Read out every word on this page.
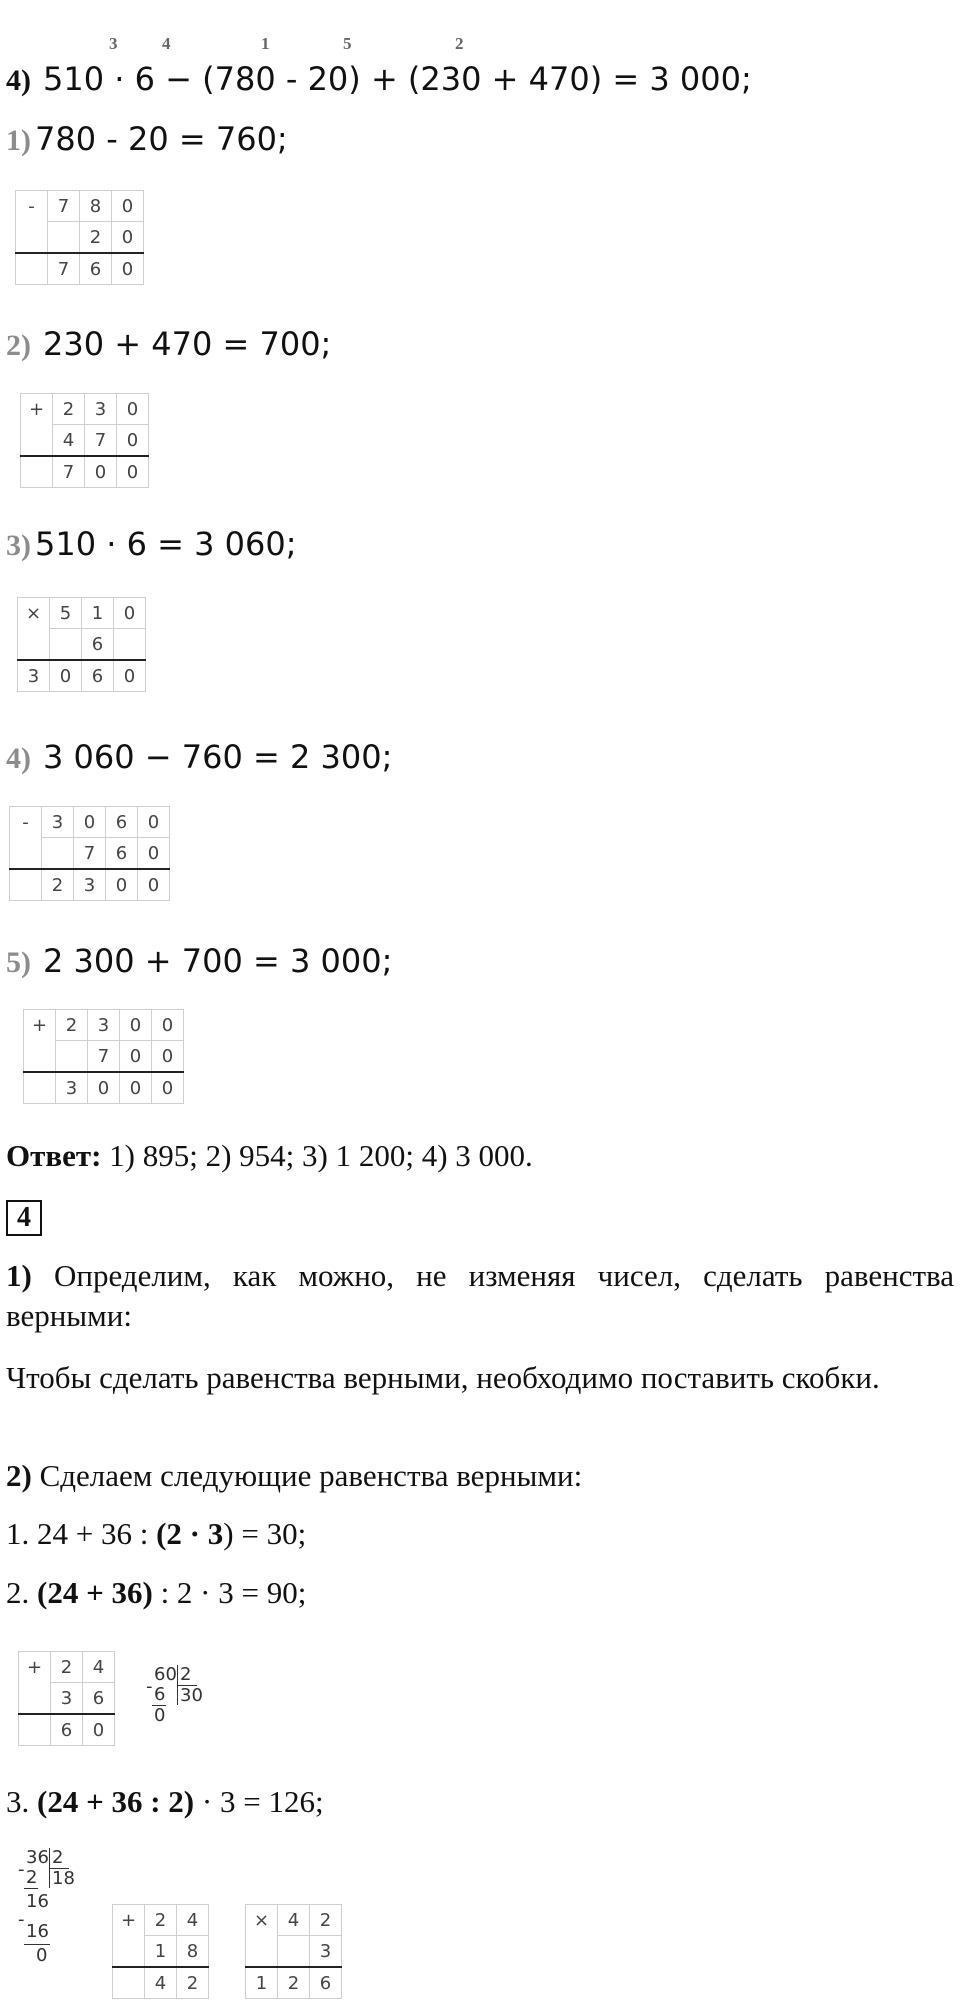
3	4	1	5	2
4) 510 · 6 − (780 - 20) + (230 + 470) = 3 000;
1) 780 - 20 = 760;
-	7	8	0
		2	0
	7	6	0
2) 230 + 470 = 700;
+	2	3	0
	4	7	0
	7	0	0
3) 510 · 6 = 3 060;
×	5	1	0
		6	
3	0	6	0
4) 3 060 − 760 = 2 300;
-	3	0	6	0
		7	6	0
	2	3	0	0
5) 2 300 + 700 = 3 000;
+	2	3	0	0
		7	0	0
	3	0	0	0
Ответ: 1) 895; 2) 954; 3) 1 200; 4) 3 000.
4
1) Определим, как можно, не изменяя чисел, сделать равенства верными:
Чтобы сделать равенства верными, необходимо поставить скобки.
2) Сделаем следующие равенства верными:
1. 24 + 36 : (2 · 3) = 30;
2. (24 + 36) : 2 · 3 = 90;
+	2	4
	3	6
	6	0
-
60 2
30
6
0
3. (24 + 36 : 2) · 3 = 126;
-
36 2
18
2
16
-
16
0
+	2	4
	1	8
	4	2
×	4	2
		3
1	2	6
